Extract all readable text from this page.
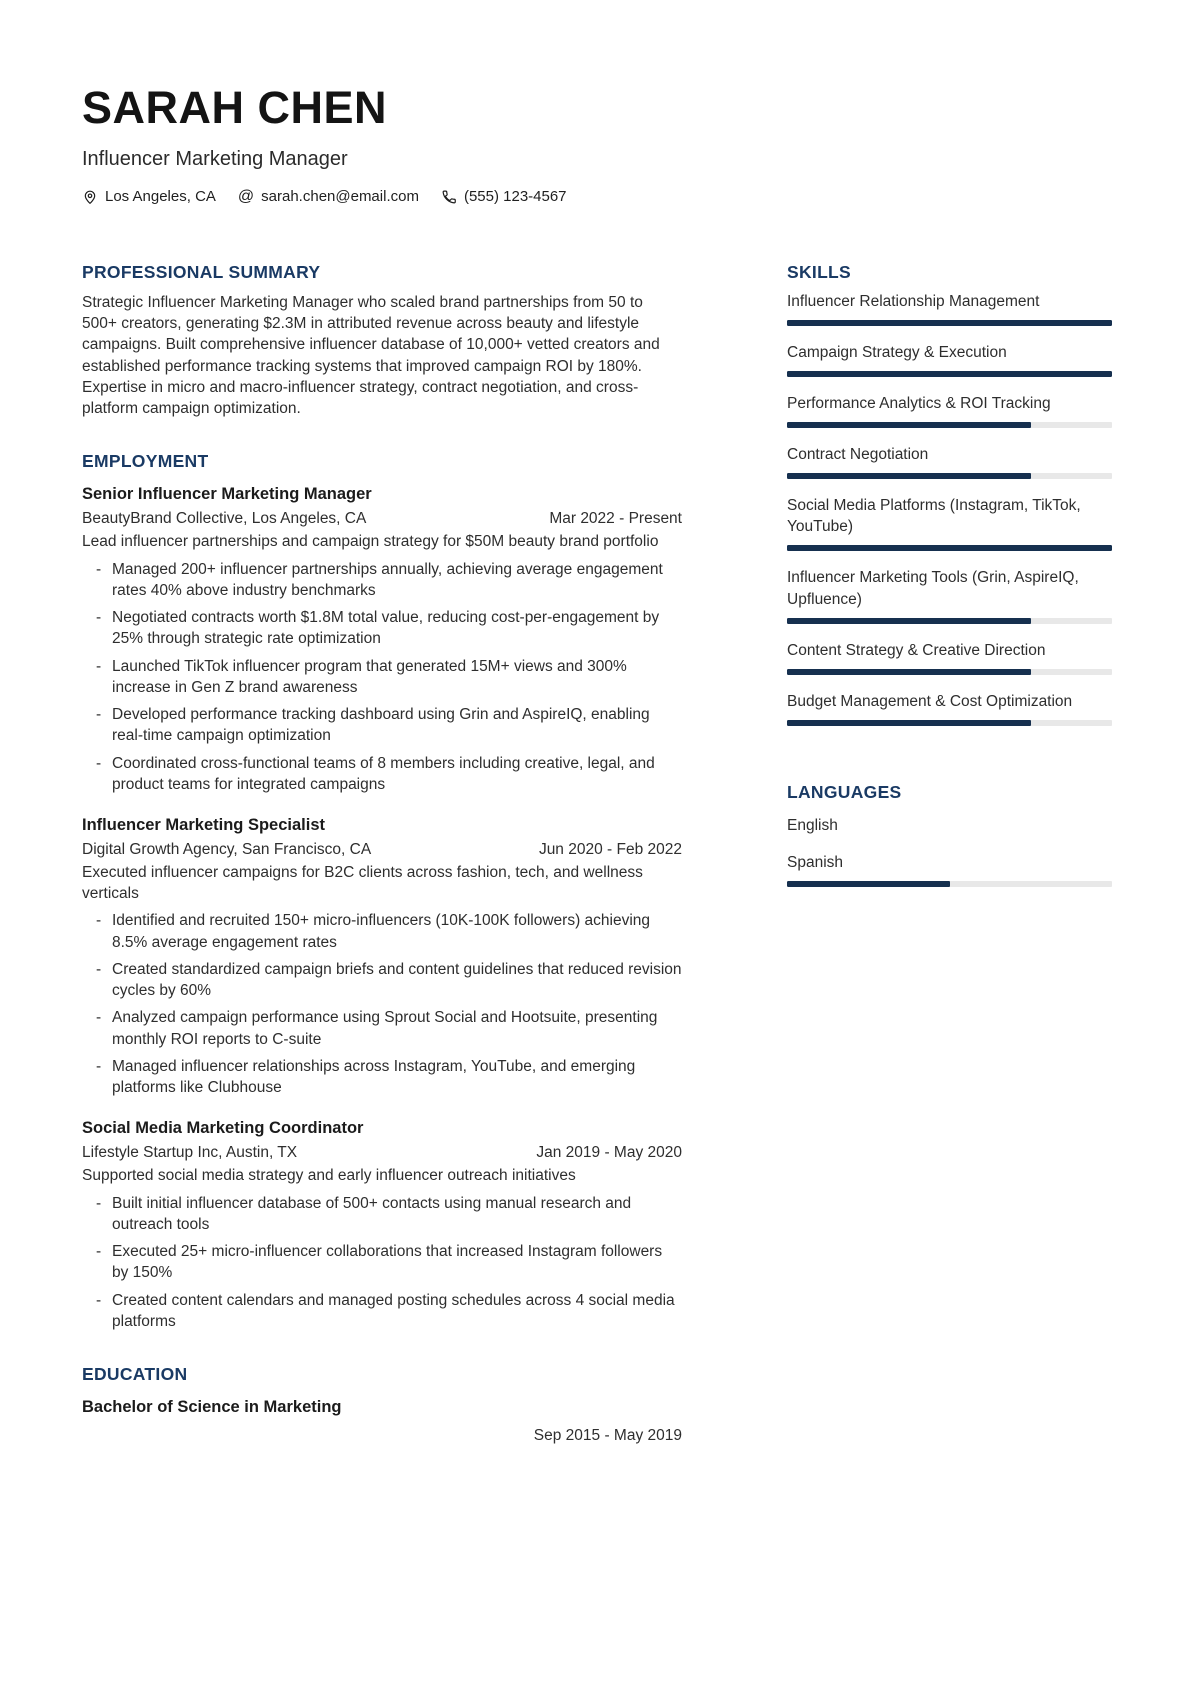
SARAH CHEN
Influencer Marketing Manager
Los Angeles, CA @ sarah.chen@email.com	(555) 123-4567
PROFESSIONAL SUMMARY

Strategic Influencer Marketing Manager who scaled brand partnerships from 50 to 500+ creators, generating $2.3M in attributed revenue across beauty and lifestyle campaigns. Built comprehensive influencer database of 10,000+ vetted creators and established performance tracking systems that improved campaign ROI by 180%. Expertise in micro and macro-influencer strategy, contract negotiation, and cross-platform campaign optimization.

EMPLOYMENT
Senior Influencer Marketing Manager
BeautyBrand Collective, Los Angeles, CA	Mar 2022 - Present
Lead influencer partnerships and campaign strategy for $50M beauty brand portfolio
- Managed 200+ influencer partnerships annually, achieving average engagement rates 40% above industry benchmarks
- Negotiated contracts worth $1.8M total value, reducing cost-per-engagement by 25% through strategic rate optimization
- Launched TikTok influencer program that generated 15M+ views and 300% increase in Gen Z brand awareness
- Developed performance tracking dashboard using Grin and AspireIQ, enabling real-time campaign optimization
- Coordinated cross-functional teams of 8 members including creative, legal, and product teams for integrated campaigns
Influencer Marketing Specialist
Digital Growth Agency, San Francisco, CA	Jun 2020 - Feb 2022
Executed influencer campaigns for B2C clients across fashion, tech, and wellness verticals
- Identified and recruited 150+ micro-influencers (10K-100K followers) achieving 8.5% average engagement rates
- Created standardized campaign briefs and content guidelines that reduced revision cycles by 60%
- Analyzed campaign performance using Sprout Social and Hootsuite, presenting monthly ROI reports to C-suite
- Managed influencer relationships across Instagram, YouTube, and emerging platforms like Clubhouse
Social Media Marketing Coordinator
Lifestyle Startup Inc, Austin, TX	Jan 2019 - May 2020
Supported social media strategy and early influencer outreach initiatives
- Built initial influencer database of 500+ contacts using manual research and outreach tools
- Executed 25+ micro-influencer collaborations that increased Instagram followers by 150%
- Created content calendars and managed posting schedules across 4 social media platforms
EDUCATION
Bachelor of Science in Marketing
Sep 2015 - May 2019
SKILLS
Influencer Relationship Management
Campaign Strategy & Execution
Performance Analytics & ROI Tracking
Contract Negotiation
Social Media Platforms (Instagram, TikTok, YouTube)
Influencer Marketing Tools (Grin, AspireIQ, Upfluence)
Content Strategy & Creative Direction
Budget Management & Cost Optimization
LANGUAGES
English
Spanish
